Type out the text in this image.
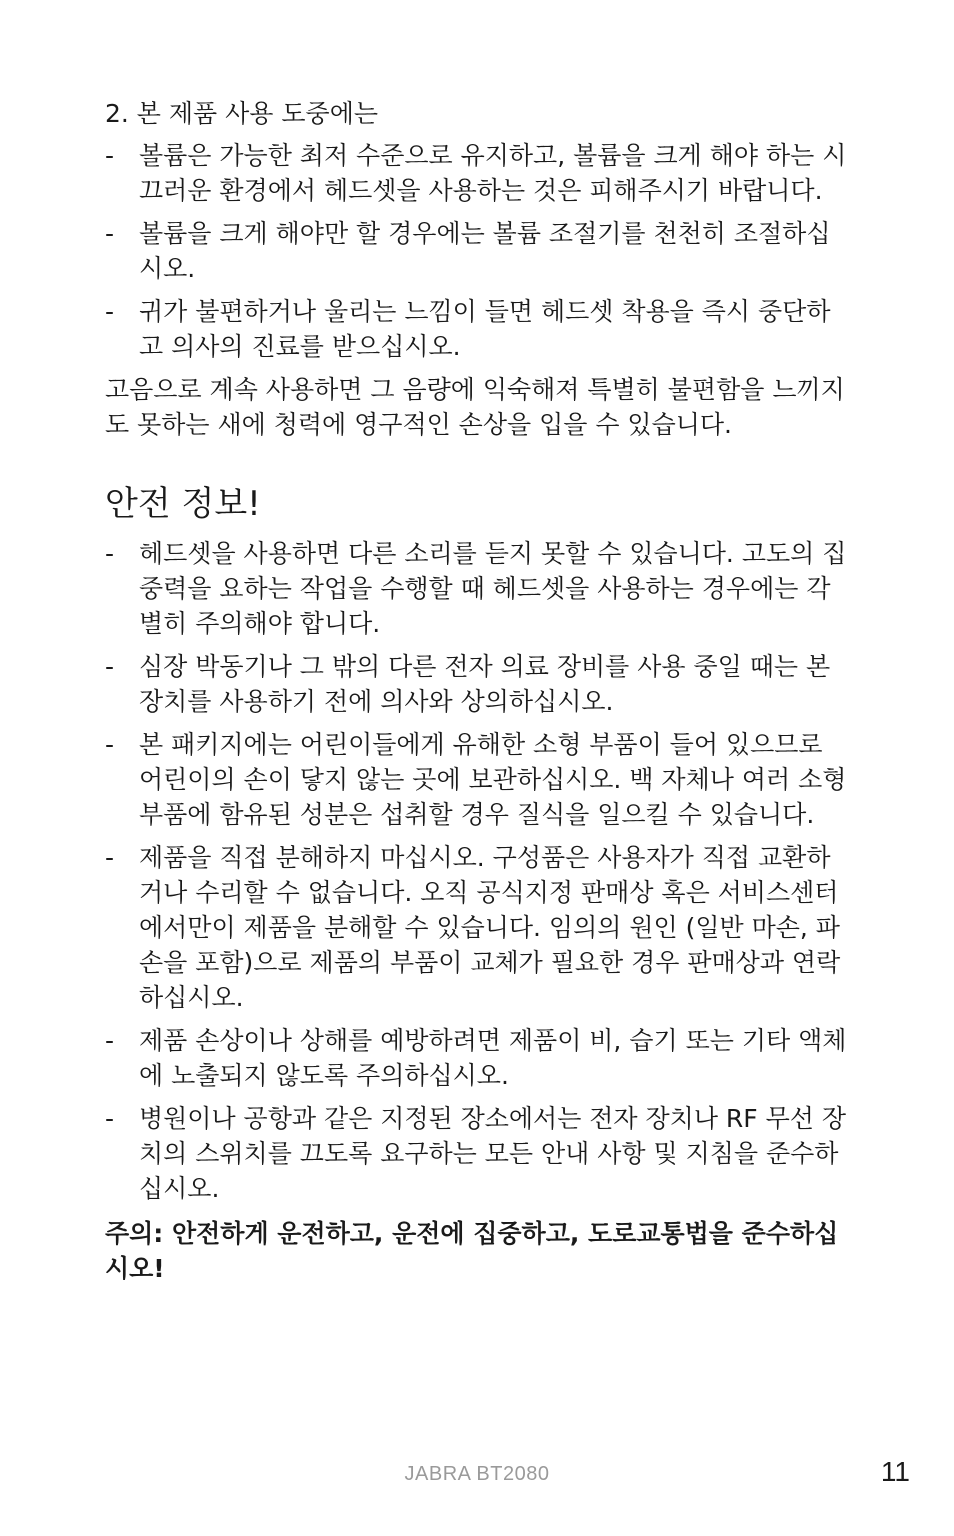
2. 본 제품 사용 도중에는

- 볼륨은 가능한 최저 수준으로 유지하고, 볼륨을 크게 해야 하는 시끄러운 환경에서 헤드셋을 사용하는 것은 피해주시기 바랍니다.
- 볼륨을 크게 해야만 할 경우에는 볼륨 조절기를 천천히 조절하십시오.
- 귀가 불편하거나 울리는 느낌이 들면 헤드셋 착용을 즉시 중단하고 의사의 진료를 받으십시오.

고음으로 계속 사용하면 그 음량에 익숙해져 특별히 불편함을 느끼지도 못하는 새에 청력에 영구적인 손상을 입을 수 있습니다.

안전 정보!
- 헤드셋을 사용하면 다른 소리를 듣지 못할 수 있습니다. 고도의 집중력을 요하는 작업을 수행할 때 헤드셋을 사용하는 경우에는 각별히 주의해야 합니다.
- 심장 박동기나 그 밖의 다른 전자 의료 장비를 사용 중일 때는 본 장치를 사용하기 전에 의사와 상의하십시오.
- 본 패키지에는 어린이들에게 유해한 소형 부품이 들어 있으므로 어린이의 손이 닿지 않는 곳에 보관하십시오. 백 자체나 여러 소형 부품에 함유된 성분은 섭취할 경우 질식을 일으킬 수 있습니다.
- 제품을 직접 분해하지 마십시오. 구성품은 사용자가 직접 교환하거나 수리할 수 없습니다. 오직 공식지정 판매상 혹은 서비스센터에서만이 제품을 분해할 수 있습니다. 임의의 원인 (일반 마손, 파손을 포함)으로 제품의 부품이 교체가 필요한 경우 판매상과 연락하십시오.
- 제품 손상이나 상해를 예방하려면 제품이 비, 습기 또는 기타 액체에 노출되지 않도록 주의하십시오.
- 병원이나 공항과 같은 지정된 장소에서는 전자 장치나 RF 무선 장치의 스위치를 끄도록 요구하는 모든 안내 사항 및 지침을 준수하십시오.

주의: 안전하게 운전하고, 운전에 집중하고, 도로교통법을 준수하십시오!

JABRA BT2080	11
